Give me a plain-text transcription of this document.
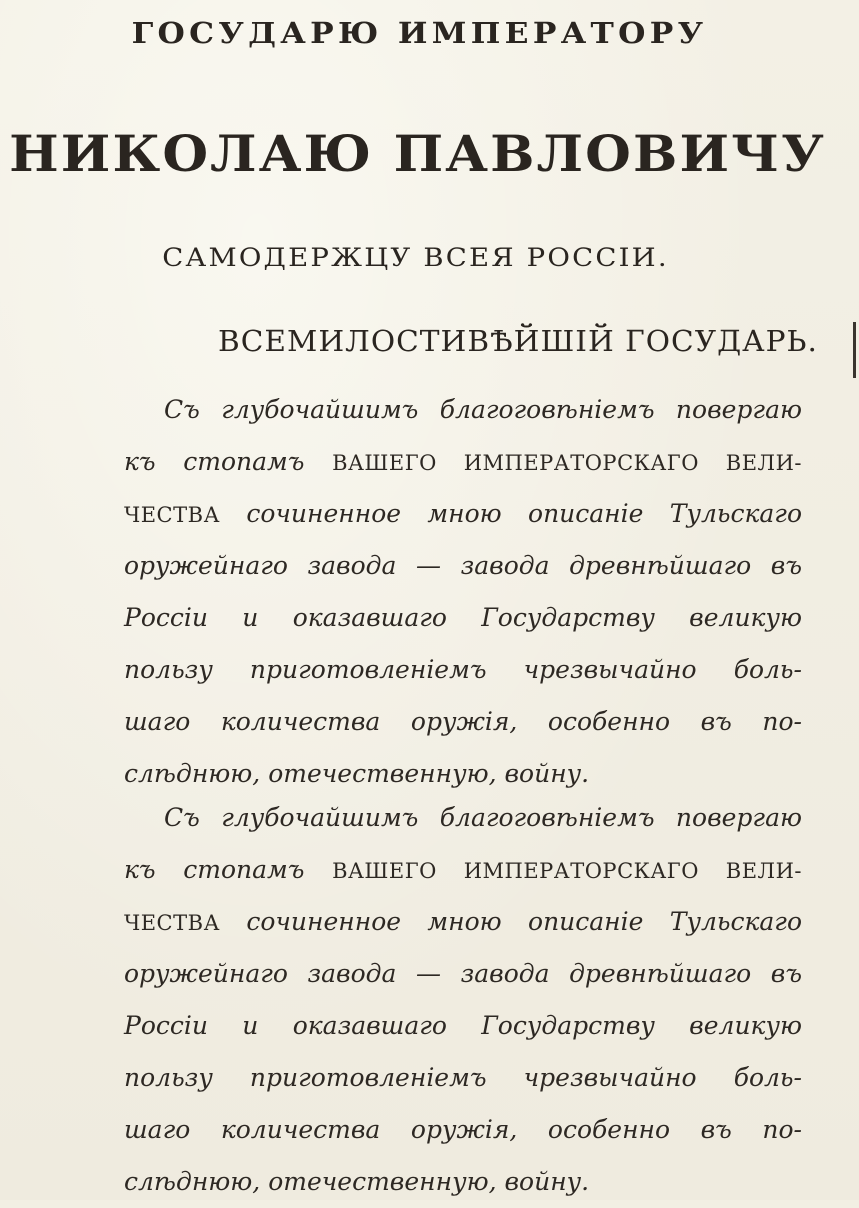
ГОСУДАРЮ ИМПЕРАТОРУ
НИКОЛАЮ ПАВЛОВИЧУ
САМОДЕРЖЦУ ВСЕЯ РОССІИ.
ВСЕМИЛОСТИВѢЙШІЙ ГОСУДАРЬ.
Съ глубочайшимъ благоговѣніемъ повергаю
къ стопамъ ВАШЕГО ИМПЕРАТОРСКАГО ВЕЛИ-
ЧЕСТВА сочиненное мною описаніе Тульскаго
оружейнаго завода — завода древнѣйшаго въ
Россіи и оказавшаго Государству великую
пользу приготовленіемъ чрезвычайно боль-
шаго количества оружія, особенно въ по-
слѣднюю, отечественную, войну.
Съ глубочайшимъ благоговѣніемъ повергаю
къ стопамъ ВАШЕГО ИМПЕРАТОРСКАГО ВЕЛИ-
ЧЕСТВА сочиненное мною описаніе Тульскаго
оружейнаго завода — завода древнѣйшаго въ
Россіи и оказавшаго Государству великую
пользу приготовленіемъ чрезвычайно боль-
шаго количества оружія, особенно въ по-
слѣднюю, отечественную, войну.
